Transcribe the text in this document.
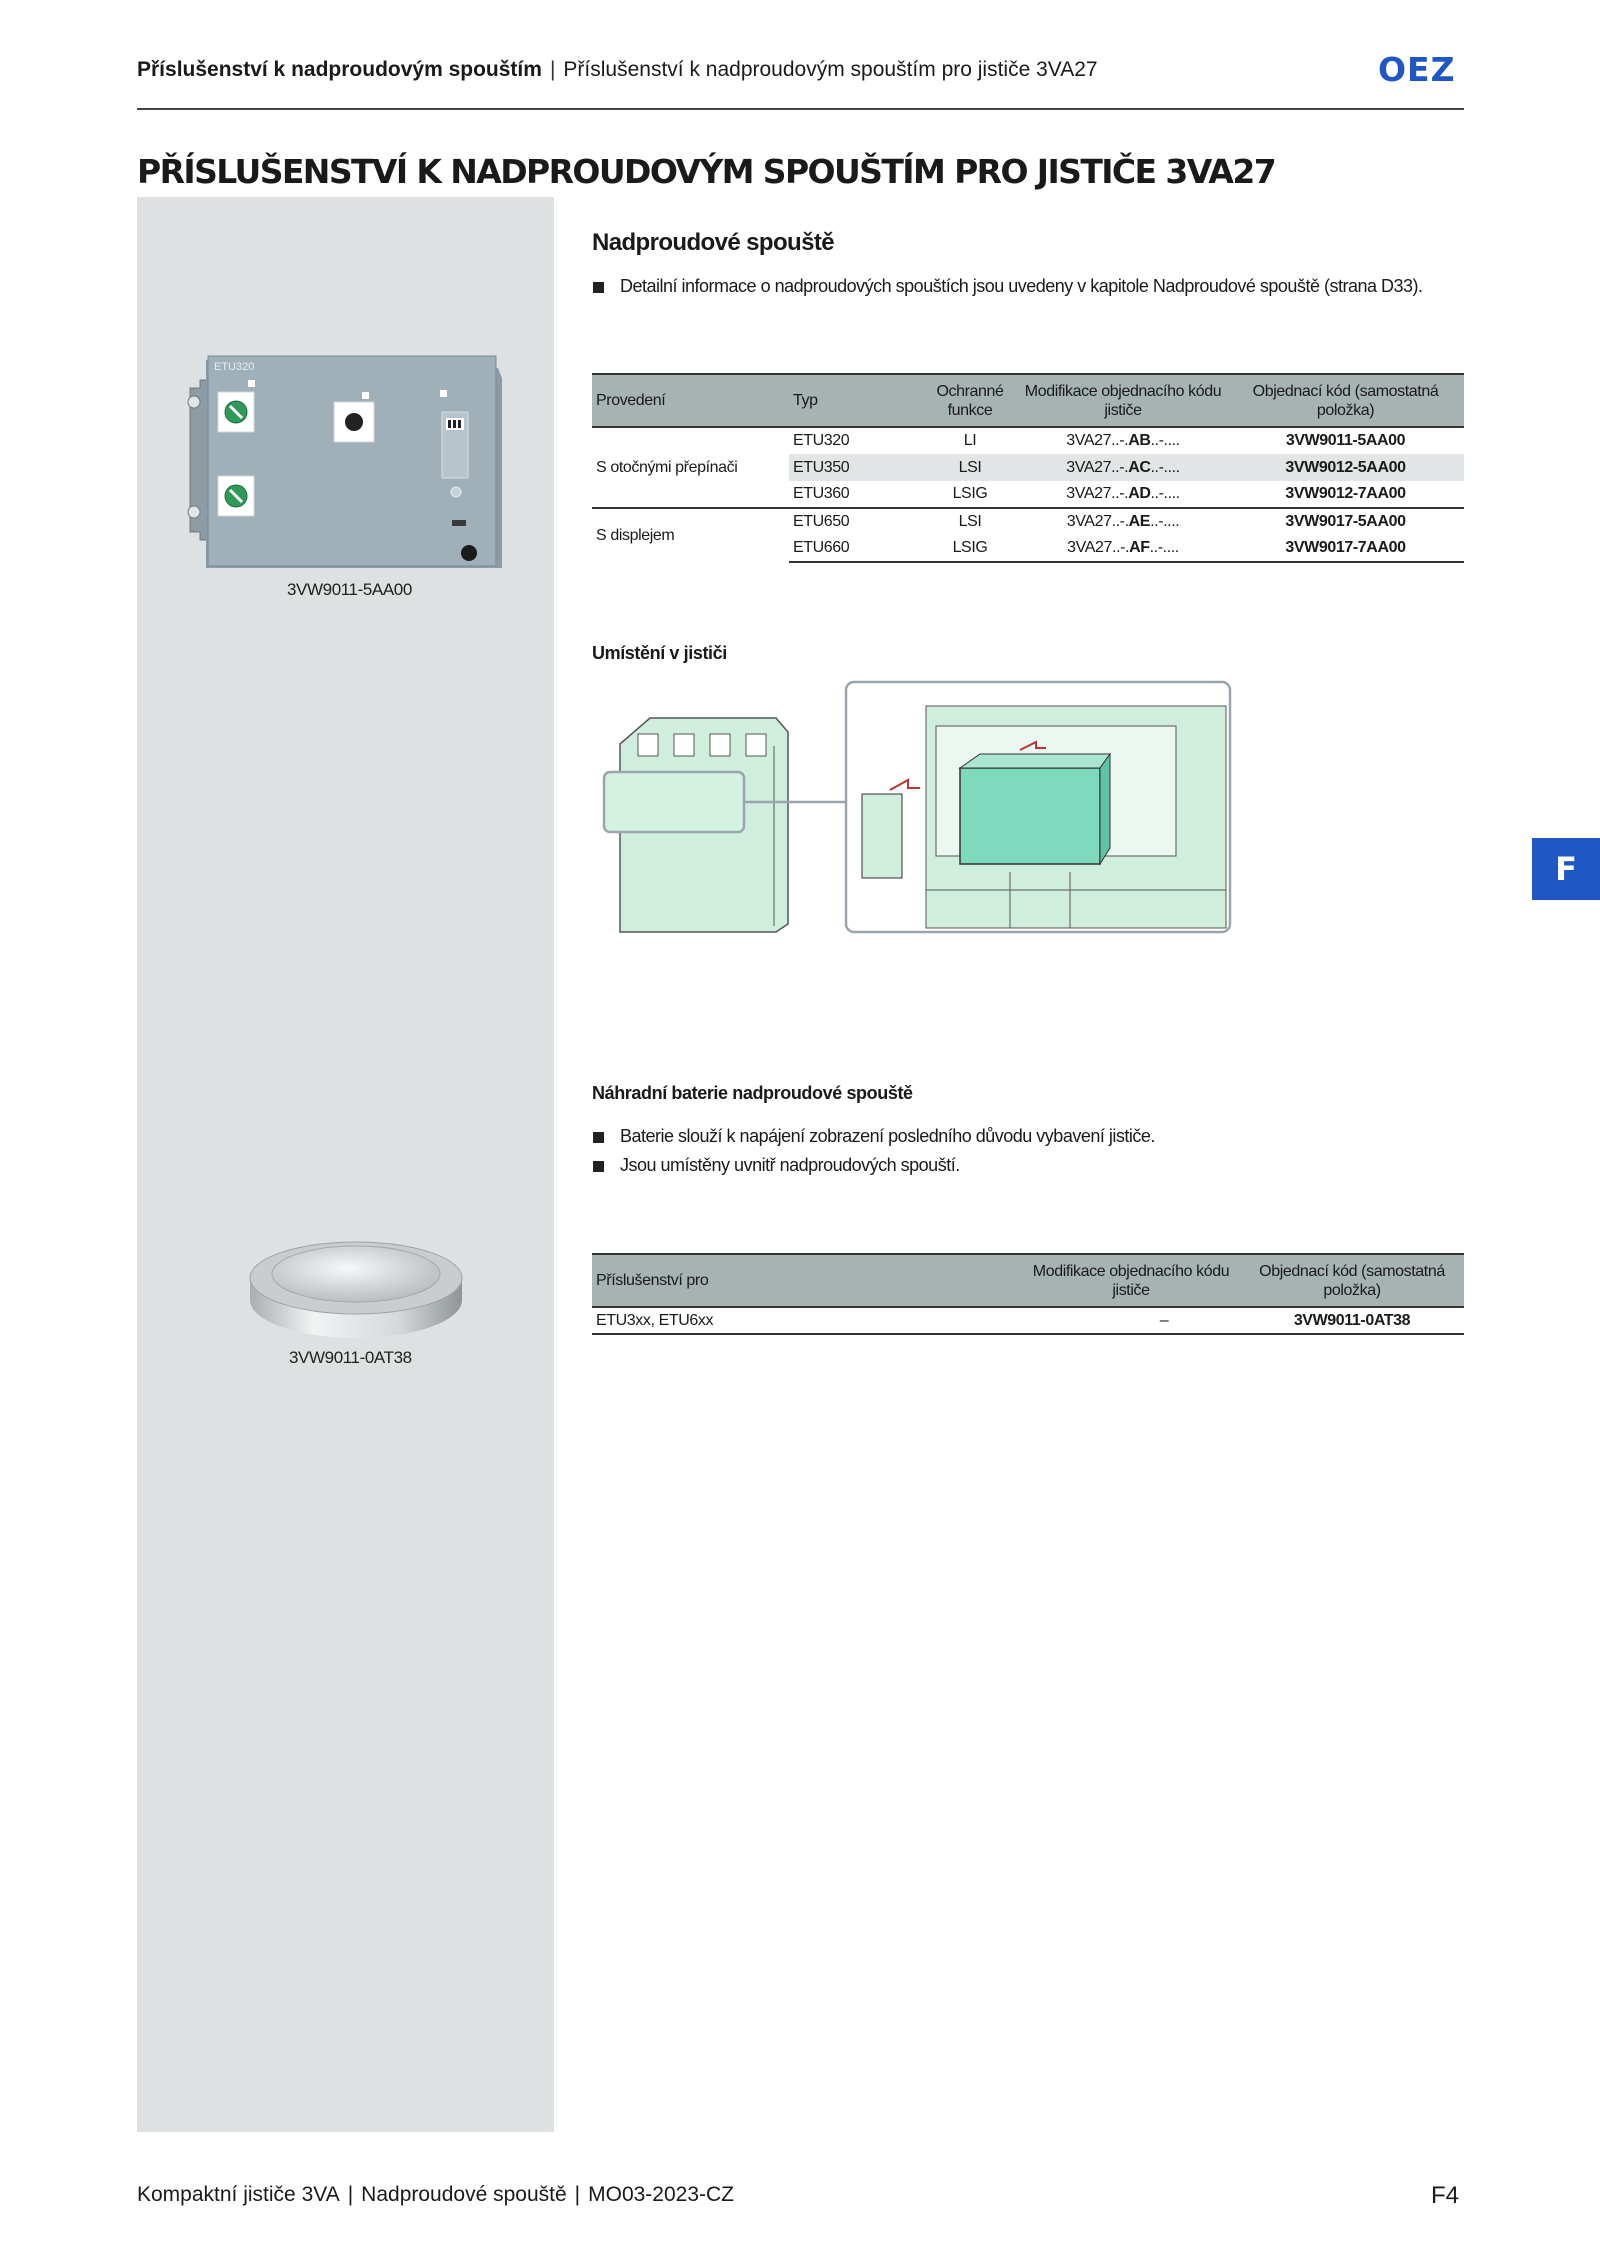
Příslušenství k nadproudovým spouštím | Příslušenství k nadproudovým spouštím pro jističe 3VA27	OEZ
PŘÍSLUŠENSTVÍ K NADPROUDOVÝM SPOUŠTÍM PRO JISTIČE 3VA27
ETU320
3VW9011-5AA00
3VW9011-0AT38
Nadproudové spouště
Detailní informace o nadproudových spouštích jsou uvedeny v kapitole Nadproudové spouště (strana D33).
Provedení	Typ	Ochranné funkce	Modifikace objednacího kódu jističe	Objednací kód (samostatná položka)
S otočnými přepínači	ETU320	LI	3VA27..-.AB..-....	3VW9011-5AA00
	ETU350	LSI	3VA27..-.AC..-....	3VW9012-5AA00
	ETU360	LSIG	3VA27..-.AD..-....	3VW9012-7AA00
S displejem	ETU650	LSI	3VA27..-.AE..-....	3VW9017-5AA00
	ETU660	LSIG	3VA27..-.AF..-....	3VW9017-7AA00
Umístění v jističi
Náhradní baterie nadproudové spouště
Baterie slouží k napájení zobrazení posledního důvodu vybavení jističe.
Jsou umístěny uvnitř nadproudových spouští.
Příslušenství pro	Modifikace objednacího kódu jističe	Objednací kód (samostatná položka)
ETU3xx, ETU6xx	–	3VW9011-0AT38
F
Kompaktní jističe 3VA | Nadproudové spouště | MO03-2023-CZ	F4
